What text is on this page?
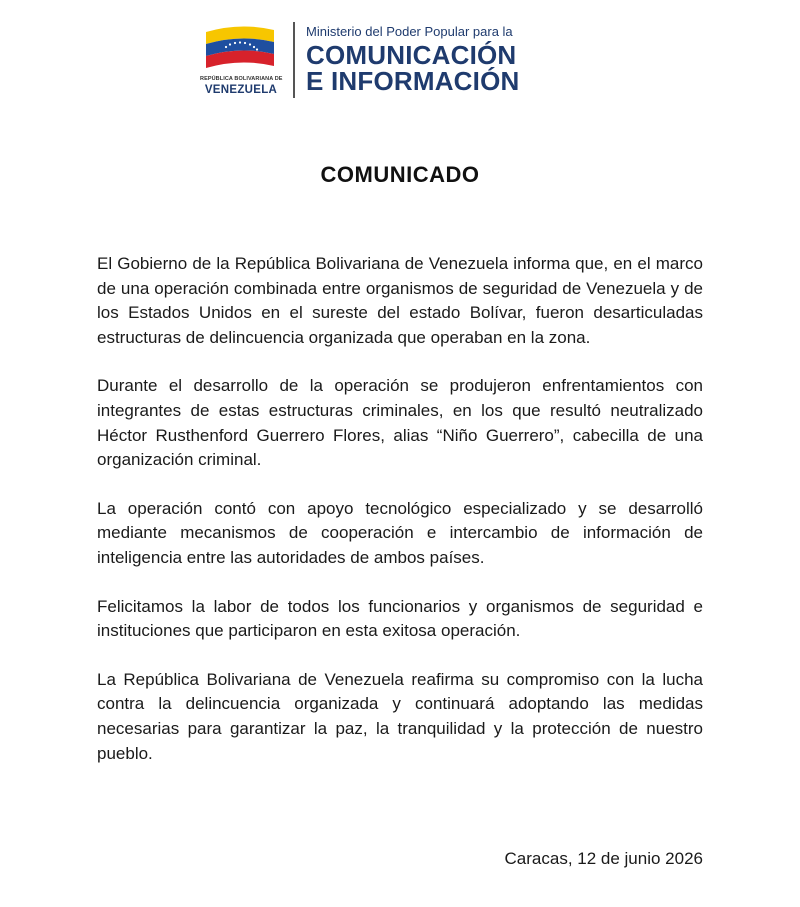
REPÚBLICA BOLIVARIANA DE
VENEZUELA
Ministerio del Poder Popular para la
COMUNICACIÓN
E INFORMACIÓN
COMUNICADO

El Gobierno de la República Bolivariana de Venezuela informa que, en el marco de una operación combinada entre organismos de seguridad de Venezuela y de los Estados Unidos en el sureste del estado Bolívar, fueron desarticuladas estructuras de delincuencia organizada que operaban en la zona.

Durante el desarrollo de la operación se produjeron enfrentamientos con integrantes de estas estructuras criminales, en los que resultó neutralizado Héctor Rusthenford Guerrero Flores, alias “Niño Guerrero”, cabecilla de una organización criminal.

La operación contó con apoyo tecnológico especializado y se desarrolló mediante mecanismos de cooperación e intercambio de información de inteligencia entre las autoridades de ambos países.

Felicitamos la labor de todos los funcionarios y organismos de seguridad e instituciones que participaron en esta exitosa operación.

La República Bolivariana de Venezuela reafirma su compromiso con la lucha contra la delincuencia organizada y continuará adoptando las medidas necesarias para garantizar la paz, la tranquilidad y la protección de nuestro pueblo.

Caracas, 12 de junio 2026
